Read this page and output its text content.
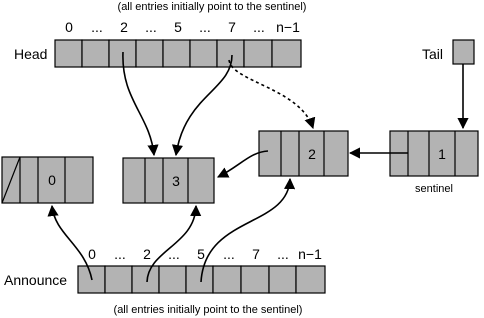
(all entries initially point to the sentinel)
0 ... 2 ... 5 ... 7 ... n−1
Head	Tail
0	3
2	1
sentinel
0 ... 2 ... 5 ... 7 ... n−1
Announce
(all entries initially point to the sentinel)
